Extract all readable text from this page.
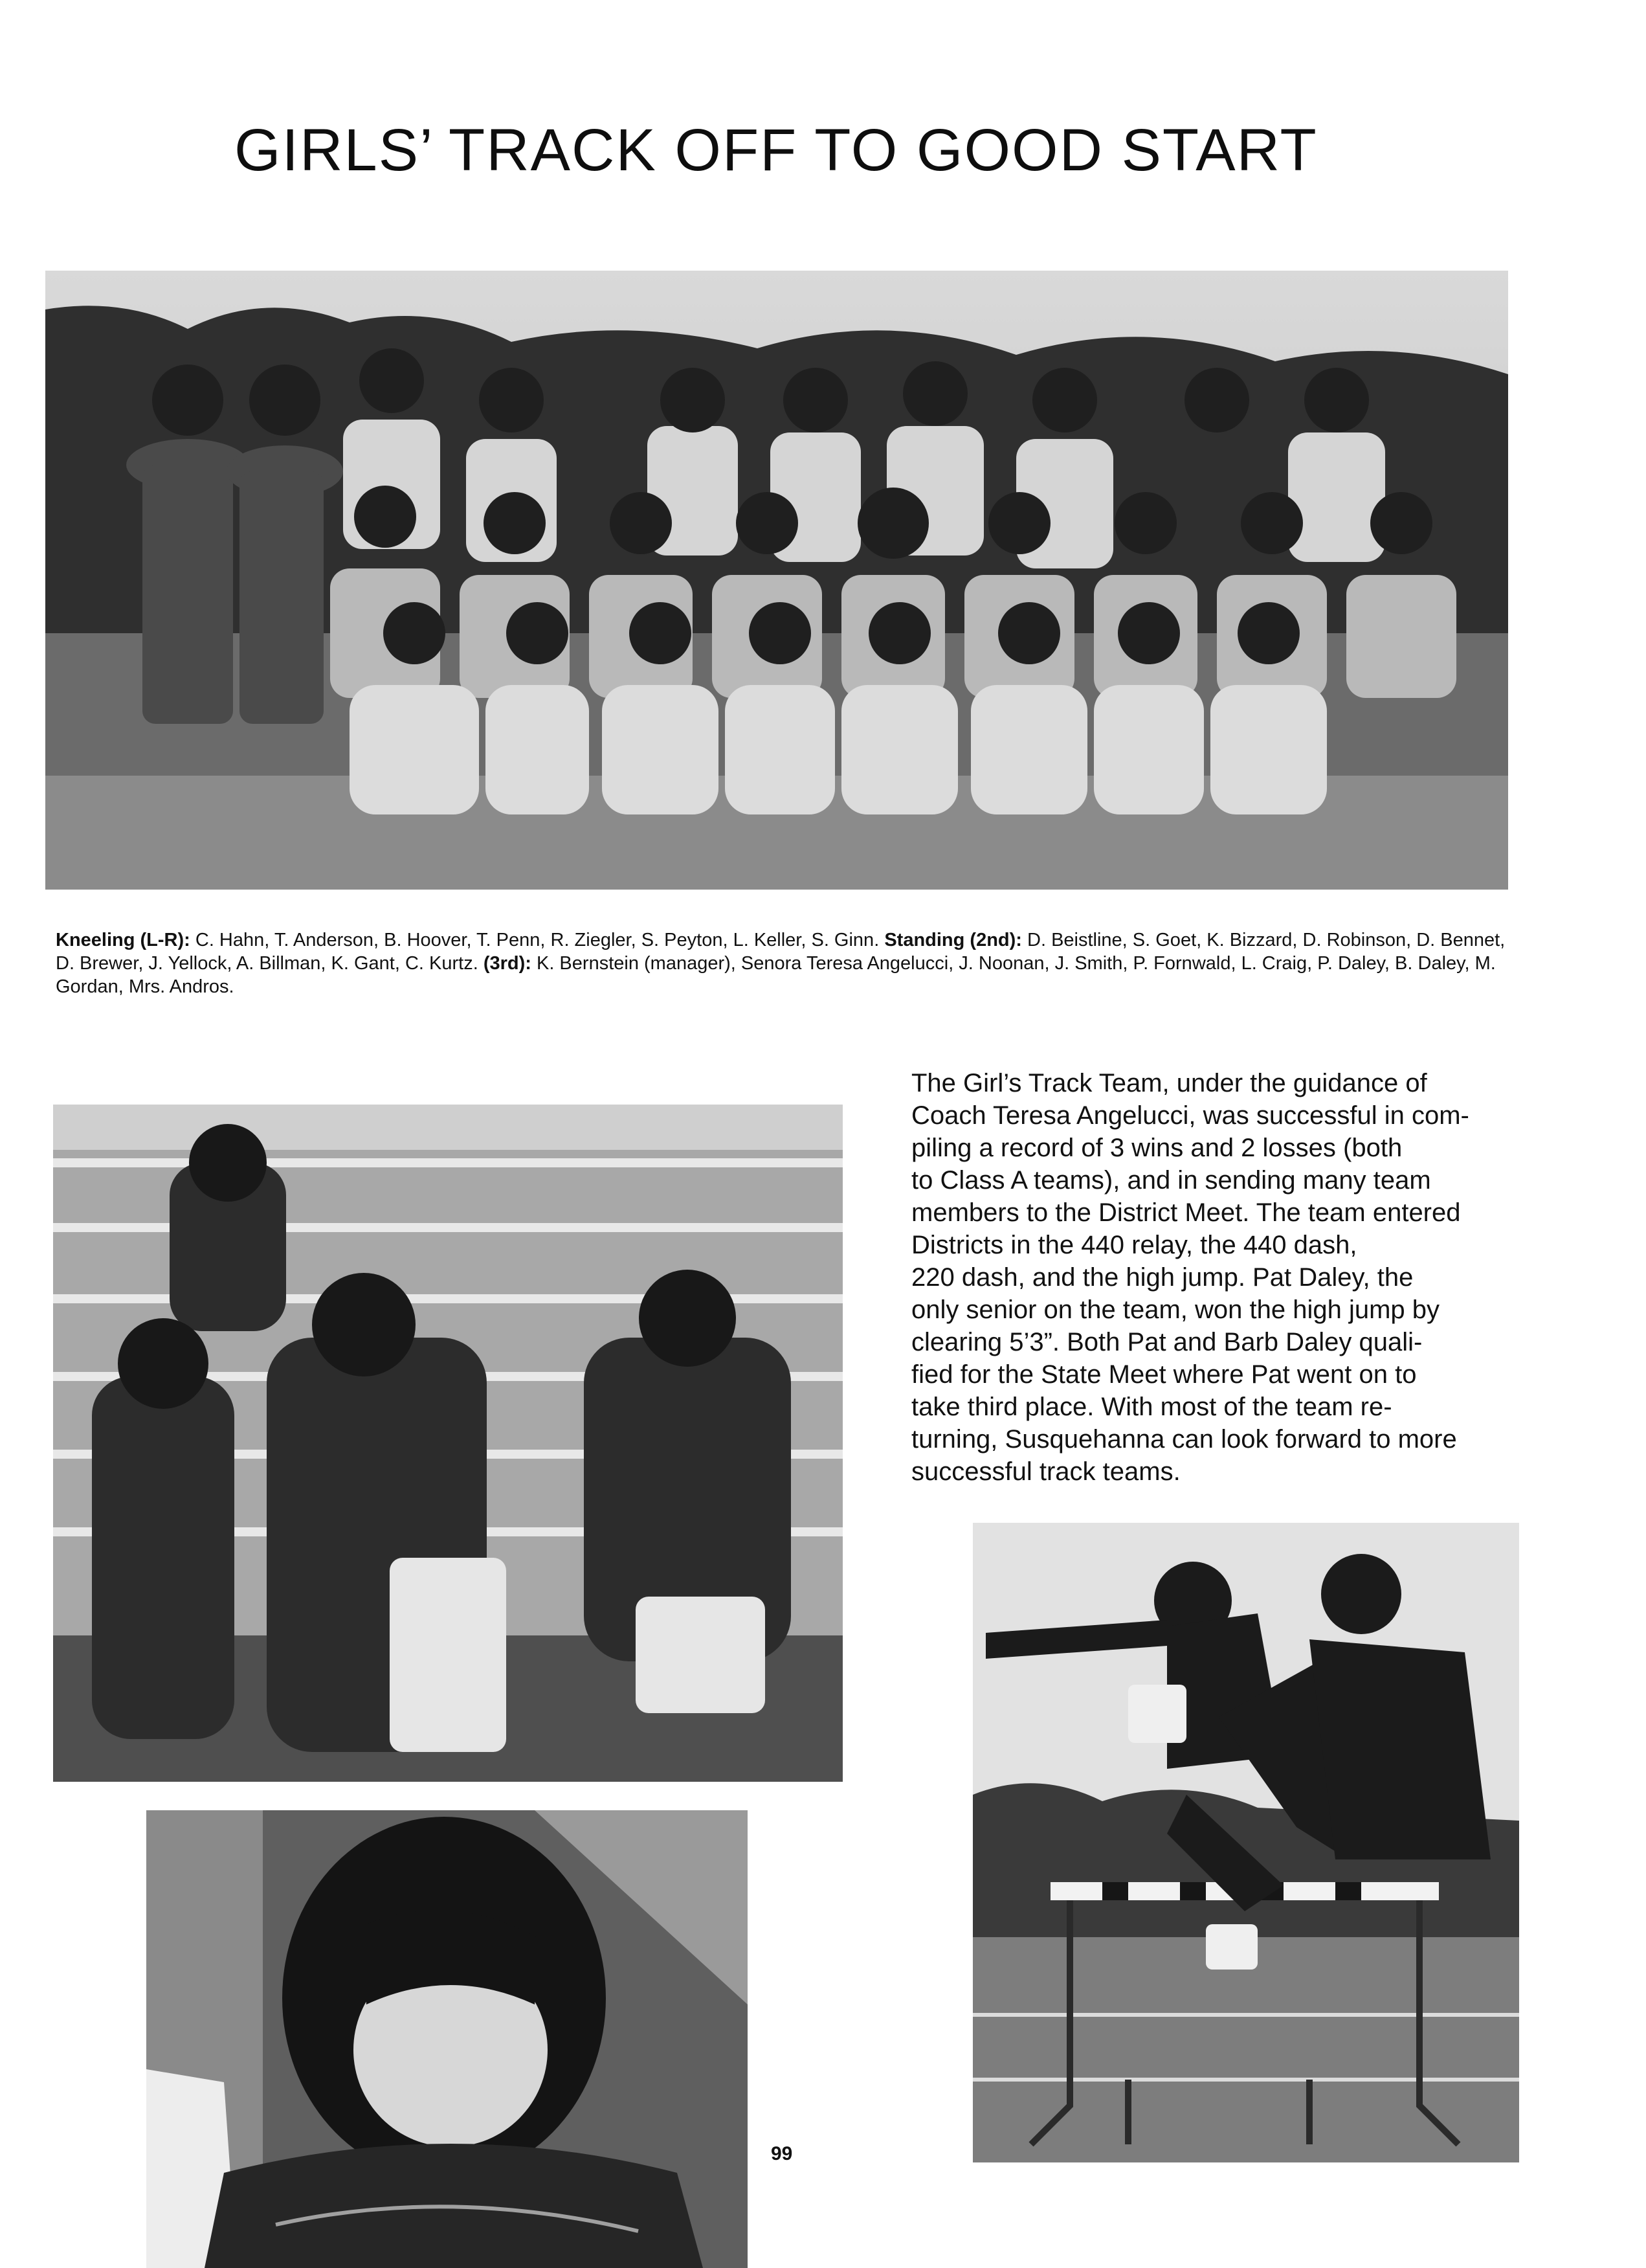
GIRLS’ TRACK OFF TO GOOD START

Kneeling (L-R): C. Hahn, T. Anderson, B. Hoover, T. Penn, R. Ziegler, S. Peyton, L. Keller, S. Ginn. Standing (2nd): D. Beistline, S. Goet, K. Bizzard, D. Robinson, D. Bennet, D. Brewer, J. Yellock, A. Billman, K. Gant, C. Kurtz. (3rd): K. Bernstein (manager), Senora Teresa Angelucci, J. Noonan, J. Smith, P. Fornwald, L. Craig, P. Daley, B. Daley, M. Gordan, Mrs. Andros.

The Girl’s Track Team, under the guidance of

Coach Teresa Angelucci, was successful in com-

piling a record of 3 wins and 2 losses (both

to Class A teams), and in sending many team

members to the District Meet. The team entered

Districts in the 440 relay, the 440 dash,

220 dash, and the high jump. Pat Daley, the

only senior on the team, won the high jump by

clearing 5’3”. Both Pat and Barb Daley quali-

fied for the State Meet where Pat went on to

take third place. With most of the team re-

turning, Susquehanna can look forward to more

successful track teams.

99
